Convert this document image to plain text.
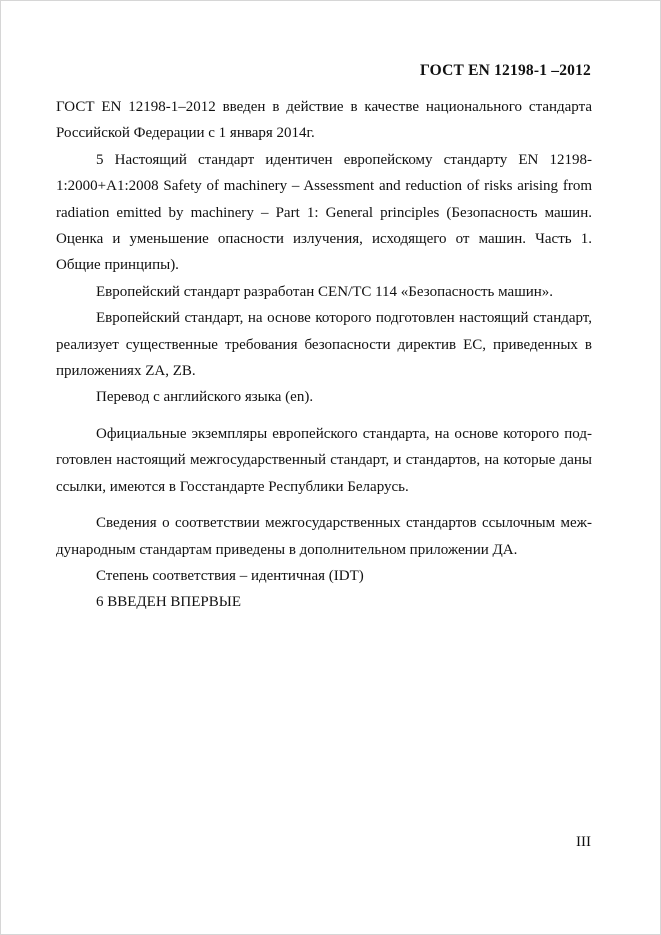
ГОСТ EN 12198-1 –2012

ГОСТ EN 12198-1–2012 введен в действие в качестве национального стандарта Российской Федерации с 1 января 2014г.

5 Настоящий стандарт идентичен европейскому стандарту EN 12198-1:2000+A1:2008 Safety of machinery – Assessment and reduction of risks arising from radiation emitted by machinery – Part 1: General principles (Безопасность машин. Оценка и уменьшение опасности излучения, исходящего от машин. Часть 1. Общие принципы).

Европейский стандарт разработан CEN/TC 114 «Безопасность машин».

Европейский стандарт, на основе которого подготовлен настоящий стандарт, реализует существенные требования безопасности директив ЕС, приведенных в приложениях ZA, ZB.

Перевод с английского языка (en).

Официальные экземпляры европейского стандарта, на основе которого подготовлен настоящий межгосударственный стандарт, и стандартов, на которые даны ссылки, имеются в Госстандарте Республики Беларусь.

Сведения о соответствии межгосударственных стандартов ссылочным международным стандартам приведены в дополнительном приложении ДА.

Степень соответствия – идентичная (IDT)

6 ВВЕДЕН ВПЕРВЫЕ

III
